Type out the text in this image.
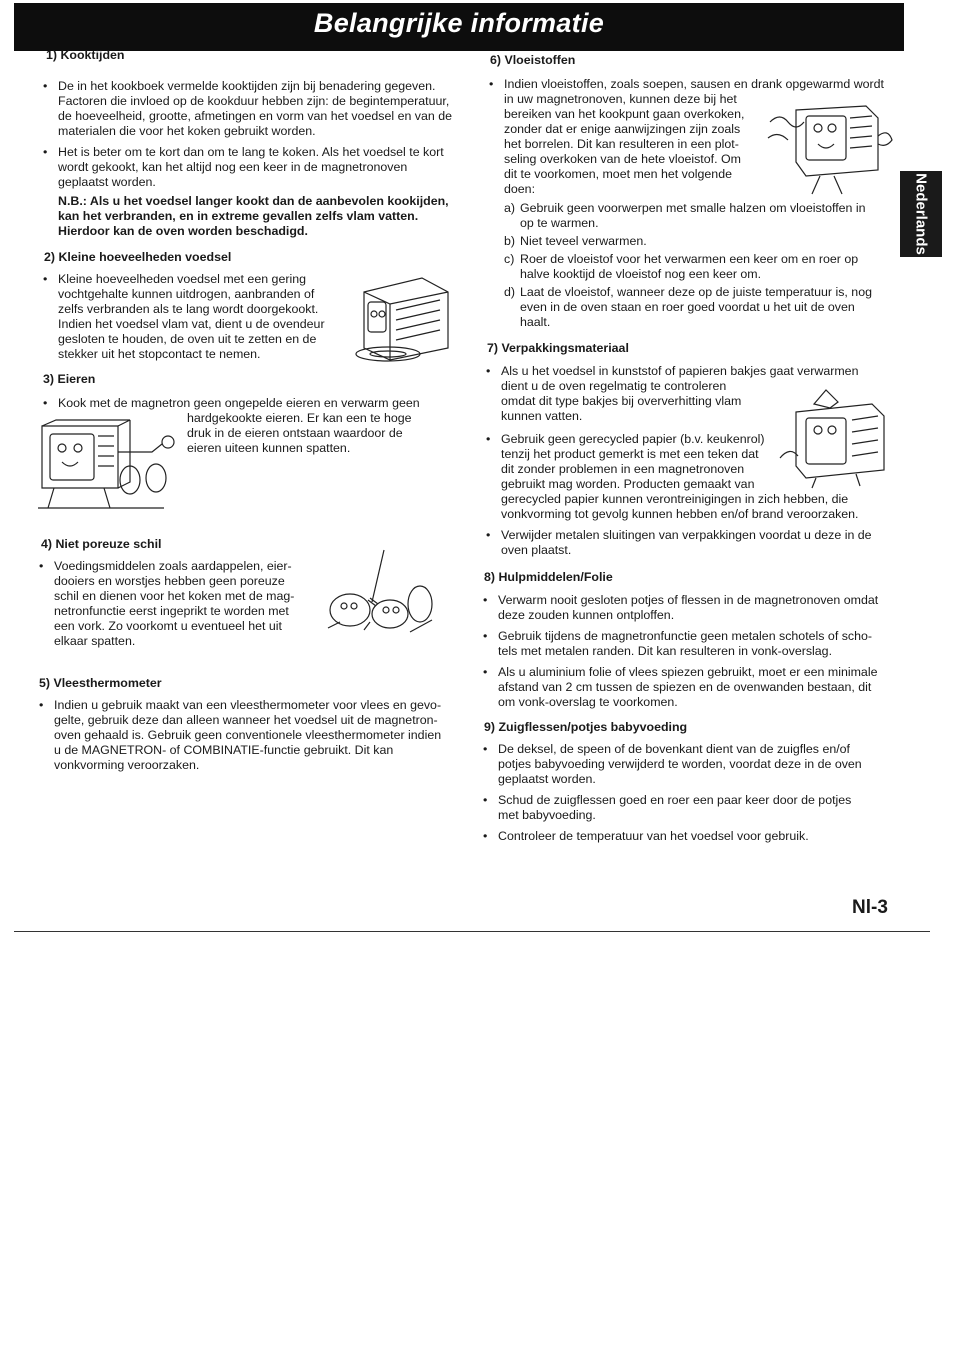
Belangrijke informatie
Nederlands

1) Kooktijden

• De in het kookboek vermelde kooktijden zijn bij benadering gegeven.
Factoren die invloed op de kookduur hebben zijn: de begintemperatuur,
de hoeveelheid, grootte, afmetingen en vorm van het voedsel en van de
materialen die voor het koken gebruikt worden.
• Het is beter om te kort dan om te lang te koken. Als het voedsel te kort
wordt gekookt, kan het altijd nog een keer in de magnetronoven
geplaatst worden.
N.B.: Als u het voedsel langer kookt dan de aanbevolen kookijden,
kan het verbranden, en in extreme gevallen zelfs vlam vatten.
Hierdoor kan de oven worden beschadigd.

2) Kleine hoeveelheden voedsel

• Kleine hoeveelheden voedsel met een gering
vochtgehalte kunnen uitdrogen, aanbranden of
zelfs verbranden als te lang wordt doorgekookt.
Indien het voedsel vlam vat, dient u de ovendeur
gesloten te houden, de oven uit te zetten en de
stekker uit het stopcontact te nemen.

3) Eieren

• Kook met de magnetron geen ongepelde eieren en verwarm geen
hardgekookte eieren. Er kan een te hoge
druk in de eieren ontstaan waardoor de
eieren uiteen kunnen spatten.

4) Niet poreuze schil

• Voedingsmiddelen zoals aardappelen, eier-
dooiers en worstjes hebben geen poreuze
schil en dienen voor het koken met de mag-
netronfunctie eerst ingeprikt te worden met
een vork. Zo voorkomt u eventueel het uit
elkaar spatten.

5) Vleesthermometer

• Indien u gebruik maakt van een vleesthermometer voor vlees en gevo-
gelte, gebruik deze dan alleen wanneer het voedsel uit de magnetron-
oven gehaald is. Gebruik geen conventionele vleesthermometer indien
u de MAGNETRON- of COMBINATIE-functie gebruikt. Dit kan
vonkvorming veroorzaken.

6) Vloeistoffen

• Indien vloeistoffen, zoals soepen, sausen en drank opgewarmd wordt
in uw magnetronoven, kunnen deze bij het
bereiken van het kookpunt gaan overkoken,
zonder dat er enige aanwijzingen zijn zoals
het borrelen. Dit kan resulteren in een plot-
seling overkoken van de hete vloeistof. Om
dit te voorkomen, moet men het volgende
doen:
a) Gebruik geen voorwerpen met smalle halzen om vloeistoffen in
op te warmen.
b) Niet teveel verwarmen.
c) Roer de vloeistof voor het verwarmen een keer om en roer op
halve kooktijd de vloeistof nog een keer om.
d) Laat de vloeistof, wanneer deze op de juiste temperatuur is, nog
even in de oven staan en roer goed voordat u het uit de oven
haalt.

7) Verpakkingsmateriaal

• Als u het voedsel in kunststof of papieren bakjes gaat verwarmen
dient u de oven regelmatig te controleren
omdat dit type bakjes bij oververhitting vlam
kunnen vatten.
• Gebruik geen gerecycled papier (b.v. keukenrol)
tenzij het product gemerkt is met een teken dat
dit zonder problemen in een magnetronoven
gebruikt mag worden. Producten gemaakt van
gerecycled papier kunnen verontreinigingen in zich hebben, die
vonkvorming tot gevolg kunnen hebben en/of brand veroorzaken.
• Verwijder metalen sluitingen van verpakkingen voordat u deze in de
oven plaatst.

8) Hulpmiddelen/Folie

• Verwarm nooit gesloten potjes of flessen in de magnetronoven omdat
deze zouden kunnen ontploffen.
• Gebruik tijdens de magnetronfunctie geen metalen schotels of scho-
tels met metalen randen. Dit kan resulteren in vonk-overslag.
• Als u aluminium folie of vlees spiezen gebruikt, moet er een minimale
afstand van 2 cm tussen de spiezen en de ovenwanden bestaan, dit
om vonk-overslag te voorkomen.

9) Zuigflessen/potjes babyvoeding

• De deksel, de speen of de bovenkant dient van de zuigfles en/of
potjes babyvoeding verwijderd te worden, voordat deze in de oven
geplaatst worden.
• Schud de zuigflessen goed en roer een paar keer door de potjes
met babyvoeding.
• Controleer de temperatuur van het voedsel voor gebruik.
Nl-3
